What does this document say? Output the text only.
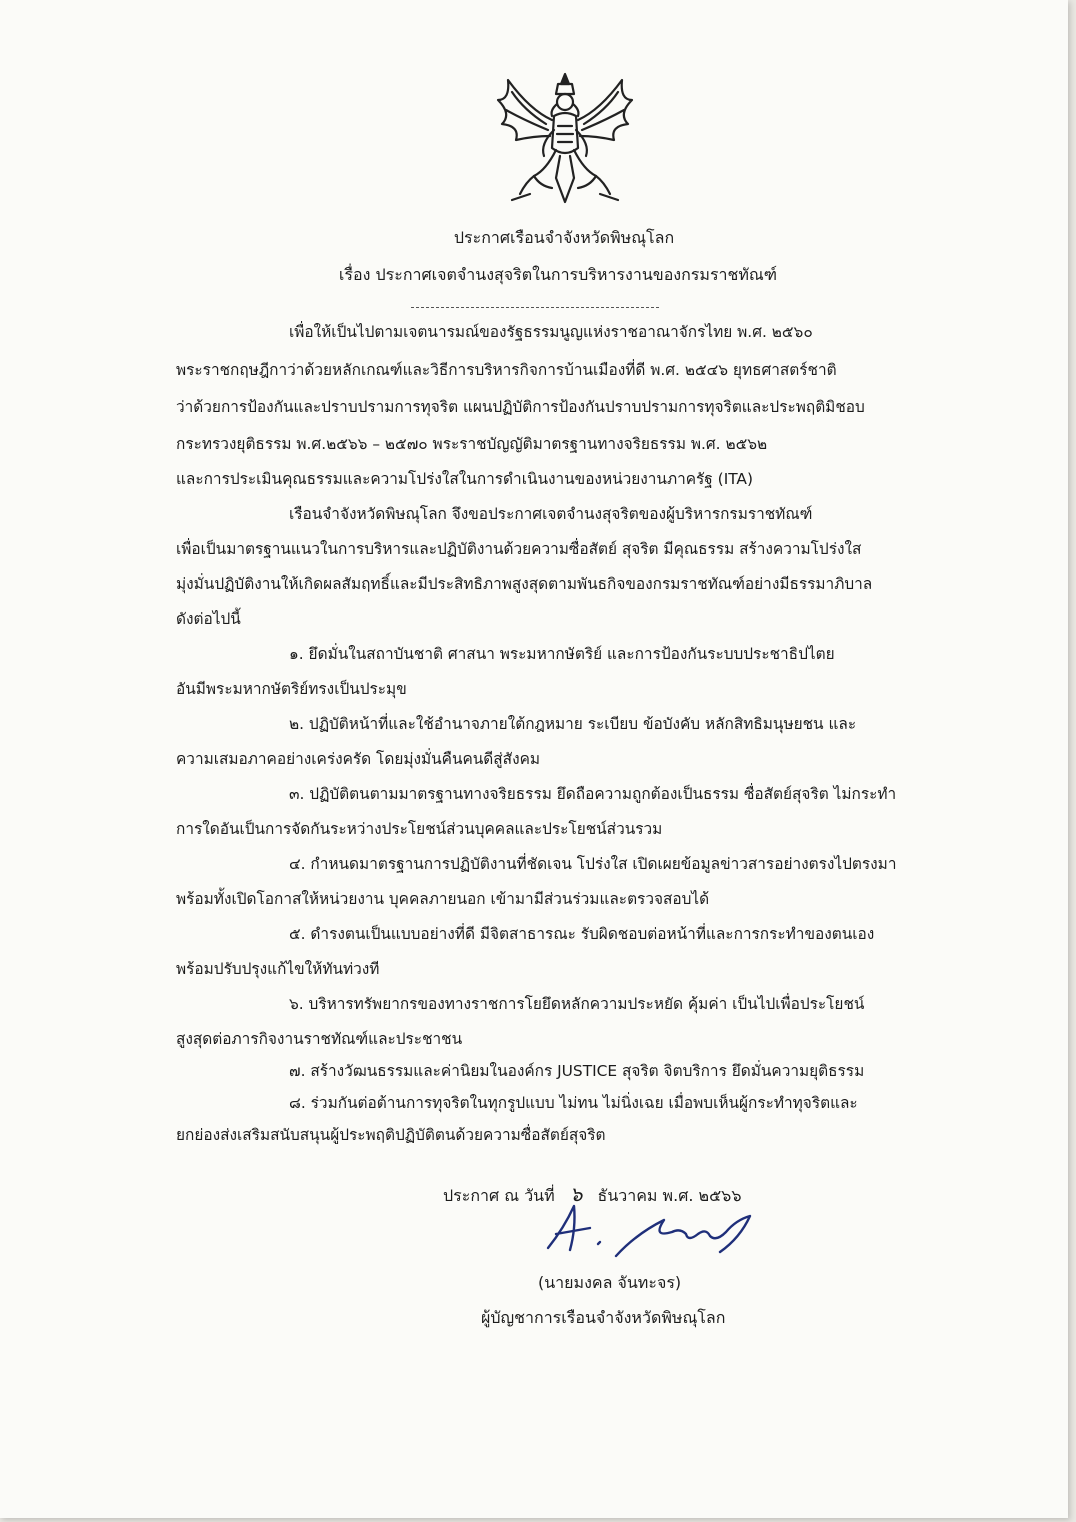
ประกาศเรือนจำจังหวัดพิษณุโลก
เรื่อง ประกาศเจตจำนงสุจริตในการบริหารงานของกรมราชทัณฑ์
เพื่อให้เป็นไปตามเจตนารมณ์ของรัฐธรรมนูญแห่งราชอาณาจักรไทย พ.ศ. ๒๕๖๐
พระราชกฤษฎีกาว่าด้วยหลักเกณฑ์และวิธีการบริหารกิจการบ้านเมืองที่ดี พ.ศ. ๒๕๔๖ ยุทธศาสตร์ชาติ
ว่าด้วยการป้องกันและปราบปรามการทุจริต แผนปฏิบัติการป้องกันปราบปรามการทุจริตและประพฤติมิชอบ
กระทรวงยุติธรรม พ.ศ.๒๕๖๖ – ๒๕๗๐ พระราชบัญญัติมาตรฐานทางจริยธรรม พ.ศ. ๒๕๖๒
และการประเมินคุณธรรมและความโปร่งใสในการดำเนินงานของหน่วยงานภาครัฐ (ITA)
เรือนจำจังหวัดพิษณุโลก จึงขอประกาศเจตจำนงสุจริตของผู้บริหารกรมราชทัณฑ์
เพื่อเป็นมาตรฐานแนวในการบริหารและปฏิบัติงานด้วยความซื่อสัตย์ สุจริต มีคุณธรรม สร้างความโปร่งใส
มุ่งมั่นปฏิบัติงานให้เกิดผลสัมฤทธิ์และมีประสิทธิภาพสูงสุดตามพันธกิจของกรมราชทัณฑ์อย่างมีธรรมาภิบาล
ดังต่อไปนี้
๑. ยึดมั่นในสถาบันชาติ ศาสนา พระมหากษัตริย์ และการป้องกันระบบประชาธิปไตย
อันมีพระมหากษัตริย์ทรงเป็นประมุข
๒. ปฏิบัติหน้าที่และใช้อำนาจภายใต้กฎหมาย ระเบียบ ข้อบังคับ หลักสิทธิมนุษยชน และ
ความเสมอภาคอย่างเคร่งครัด โดยมุ่งมั่นคืนคนดีสู่สังคม
๓. ปฏิบัติตนตามมาตรฐานทางจริยธรรม ยึดถือความถูกต้องเป็นธรรม ซื่อสัตย์สุจริต ไม่กระทำ
การใดอันเป็นการจัดกันระหว่างประโยชน์ส่วนบุคคลและประโยชน์ส่วนรวม
๔. กำหนดมาตรฐานการปฏิบัติงานที่ชัดเจน โปร่งใส เปิดเผยข้อมูลข่าวสารอย่างตรงไปตรงมา
พร้อมทั้งเปิดโอกาสให้หน่วยงาน บุคคลภายนอก เข้ามามีส่วนร่วมและตรวจสอบได้
๕. ดำรงตนเป็นแบบอย่างที่ดี มีจิตสาธารณะ รับผิดชอบต่อหน้าที่และการกระทำของตนเอง
พร้อมปรับปรุงแก้ไขให้ทันท่วงที
๖. บริหารทรัพยากรของทางราชการโยยึดหลักความประหยัด คุ้มค่า เป็นไปเพื่อประโยชน์
สูงสุดต่อภารกิจงานราชทัณฑ์และประชาชน
๗. สร้างวัฒนธรรมและค่านิยมในองค์กร JUSTICE สุจริต จิตบริการ ยึดมั่นความยุติธรรม
๘. ร่วมกันต่อต้านการทุจริตในทุกรูปแบบ ไม่ทน ไม่นิ่งเฉย เมื่อพบเห็นผู้กระทำทุจริตและ
ยกย่องส่งเสริมสนับสนุนผู้ประพฤติปฏิบัติตนด้วยความซื่อสัตย์สุจริต
ประกาศ ณ วันที่ ๖ ธันวาคม พ.ศ. ๒๕๖๖
(นายมงคล จันทะจร)
ผู้บัญชาการเรือนจำจังหวัดพิษณุโลก
